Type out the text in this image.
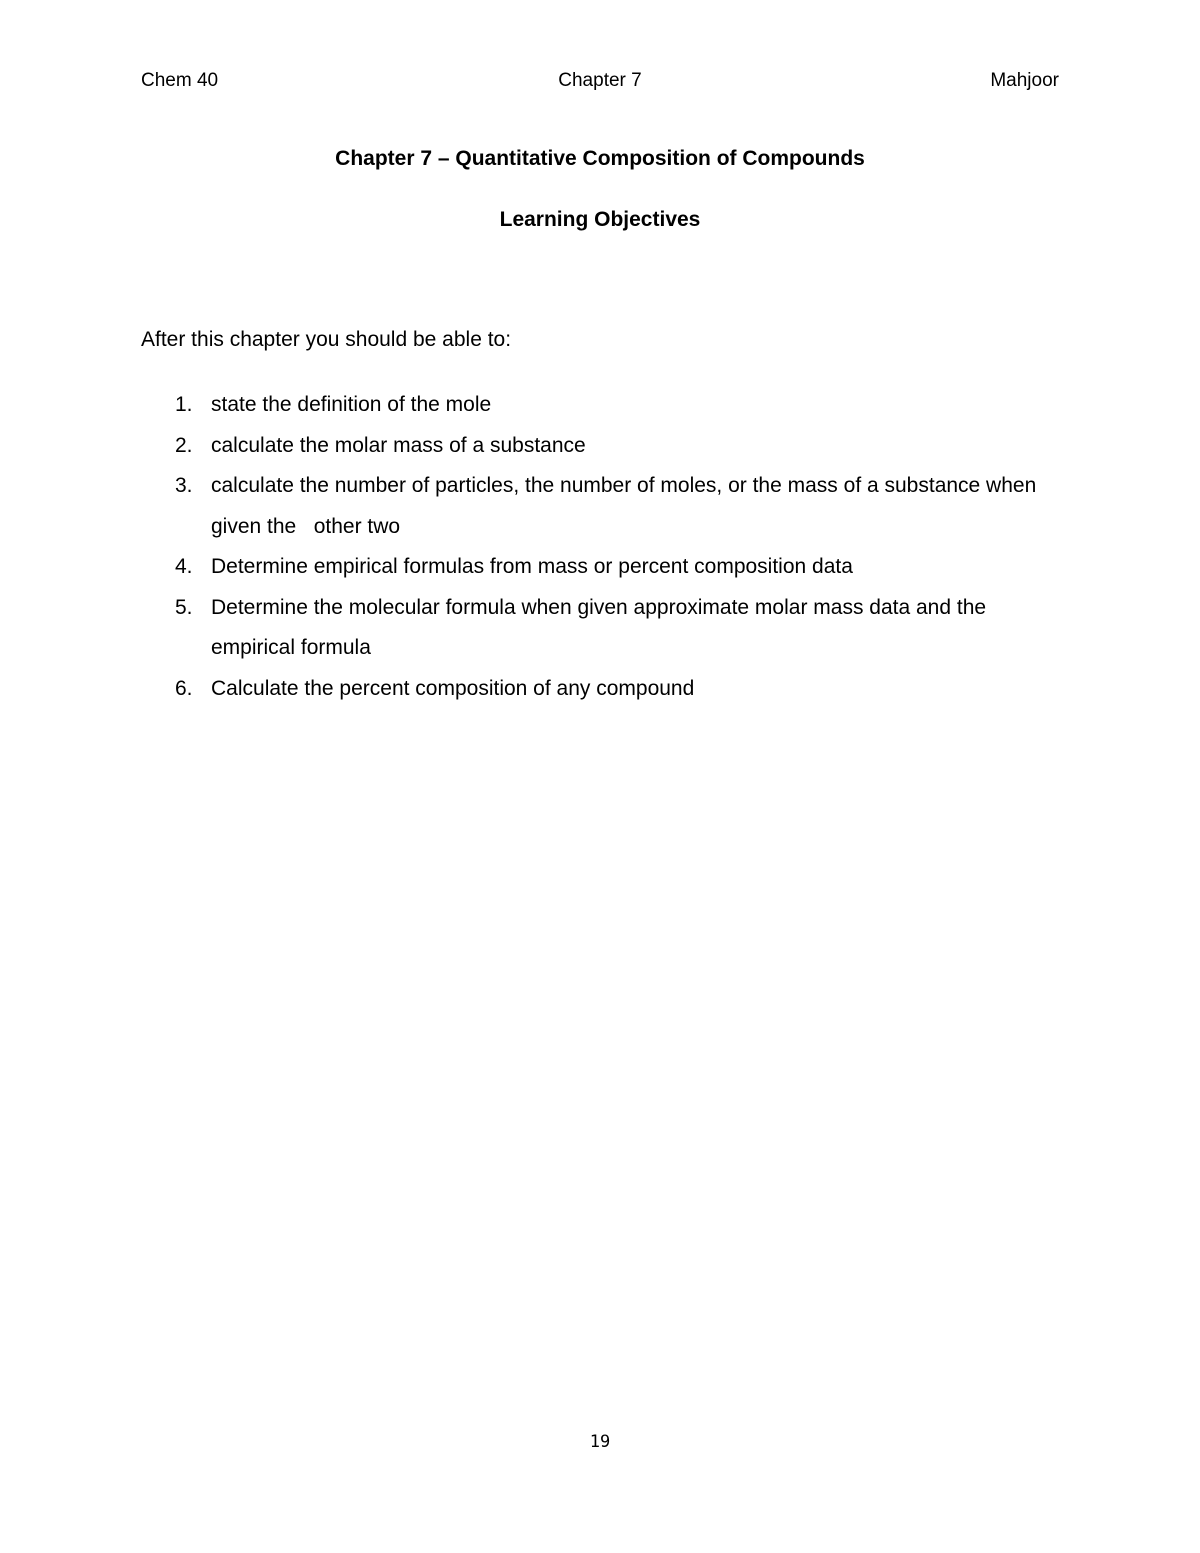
Chem 40	Chapter 7	Mahjoor
Chapter 7 – Quantitative Composition of Compounds
Learning Objectives
After this chapter you should be able to:
1. state the definition of the mole
2. calculate the molar mass of a substance
3. calculate the number of particles, the number of moles, or the mass of a substance when given the   other two
4. Determine empirical formulas from mass or percent composition data
5. Determine the molecular formula when given approximate molar mass data and the empirical formula
6. Calculate the percent composition of any compound
19
